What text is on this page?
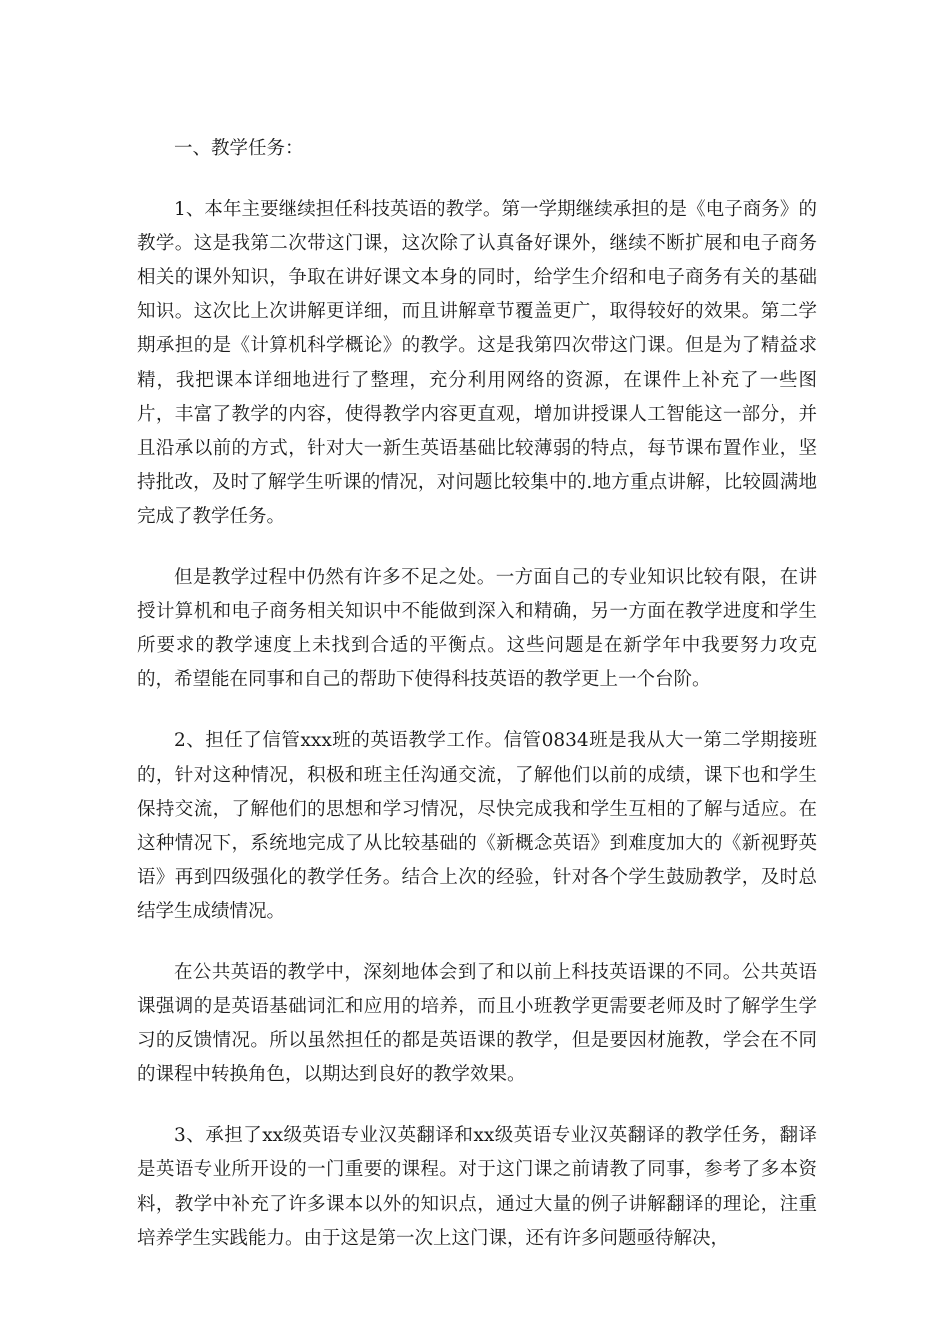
一、教学任务：

1、本年主要继续担任科技英语的教学。第一学期继续承担的是《电子商务》的教学。这是我第二次带这门课，这次除了认真备好课外，继续不断扩展和电子商务相关的课外知识，争取在讲好课文本身的同时，给学生介绍和电子商务有关的基础知识。这次比上次讲解更详细，而且讲解章节覆盖更广，取得较好的效果。第二学期承担的是《计算机科学概论》的教学。这是我第四次带这门课。但是为了精益求精，我把课本详细地进行了整理，充分利用网络的资源，在课件上补充了一些图片，丰富了教学的内容，使得教学内容更直观，增加讲授课人工智能这一部分，并且沿承以前的方式，针对大一新生英语基础比较薄弱的特点，每节课布置作业，坚持批改，及时了解学生听课的情况，对问题比较集中的.地方重点讲解，比较圆满地完成了教学任务。

但是教学过程中仍然有许多不足之处。一方面自己的专业知识比较有限，在讲授计算机和电子商务相关知识中不能做到深入和精确，另一方面在教学进度和学生所要求的教学速度上未找到合适的平衡点。这些问题是在新学年中我要努力攻克的，希望能在同事和自己的帮助下使得科技英语的教学更上一个台阶。

2、担任了信管xxx班的英语教学工作。信管0834班是我从大一第二学期接班的，针对这种情况，积极和班主任沟通交流，了解他们以前的成绩，课下也和学生保持交流，了解他们的思想和学习情况，尽快完成我和学生互相的了解与适应。在这种情况下，系统地完成了从比较基础的《新概念英语》到难度加大的《新视野英语》再到四级强化的教学任务。结合上次的经验，针对各个学生鼓励教学，及时总结学生成绩情况。

在公共英语的教学中，深刻地体会到了和以前上科技英语课的不同。公共英语课强调的是英语基础词汇和应用的培养，而且小班教学更需要老师及时了解学生学习的反馈情况。所以虽然担任的都是英语课的教学，但是要因材施教，学会在不同的课程中转换角色，以期达到良好的教学效果。

3、承担了xx级英语专业汉英翻译和xx级英语专业汉英翻译的教学任务，翻译是英语专业所开设的一门重要的课程。对于这门课之前请教了同事，参考了多本资料，教学中补充了许多课本以外的知识点，通过大量的例子讲解翻译的理论，注重培养学生实践能力。由于这是第一次上这门课，还有许多问题亟待解决，
